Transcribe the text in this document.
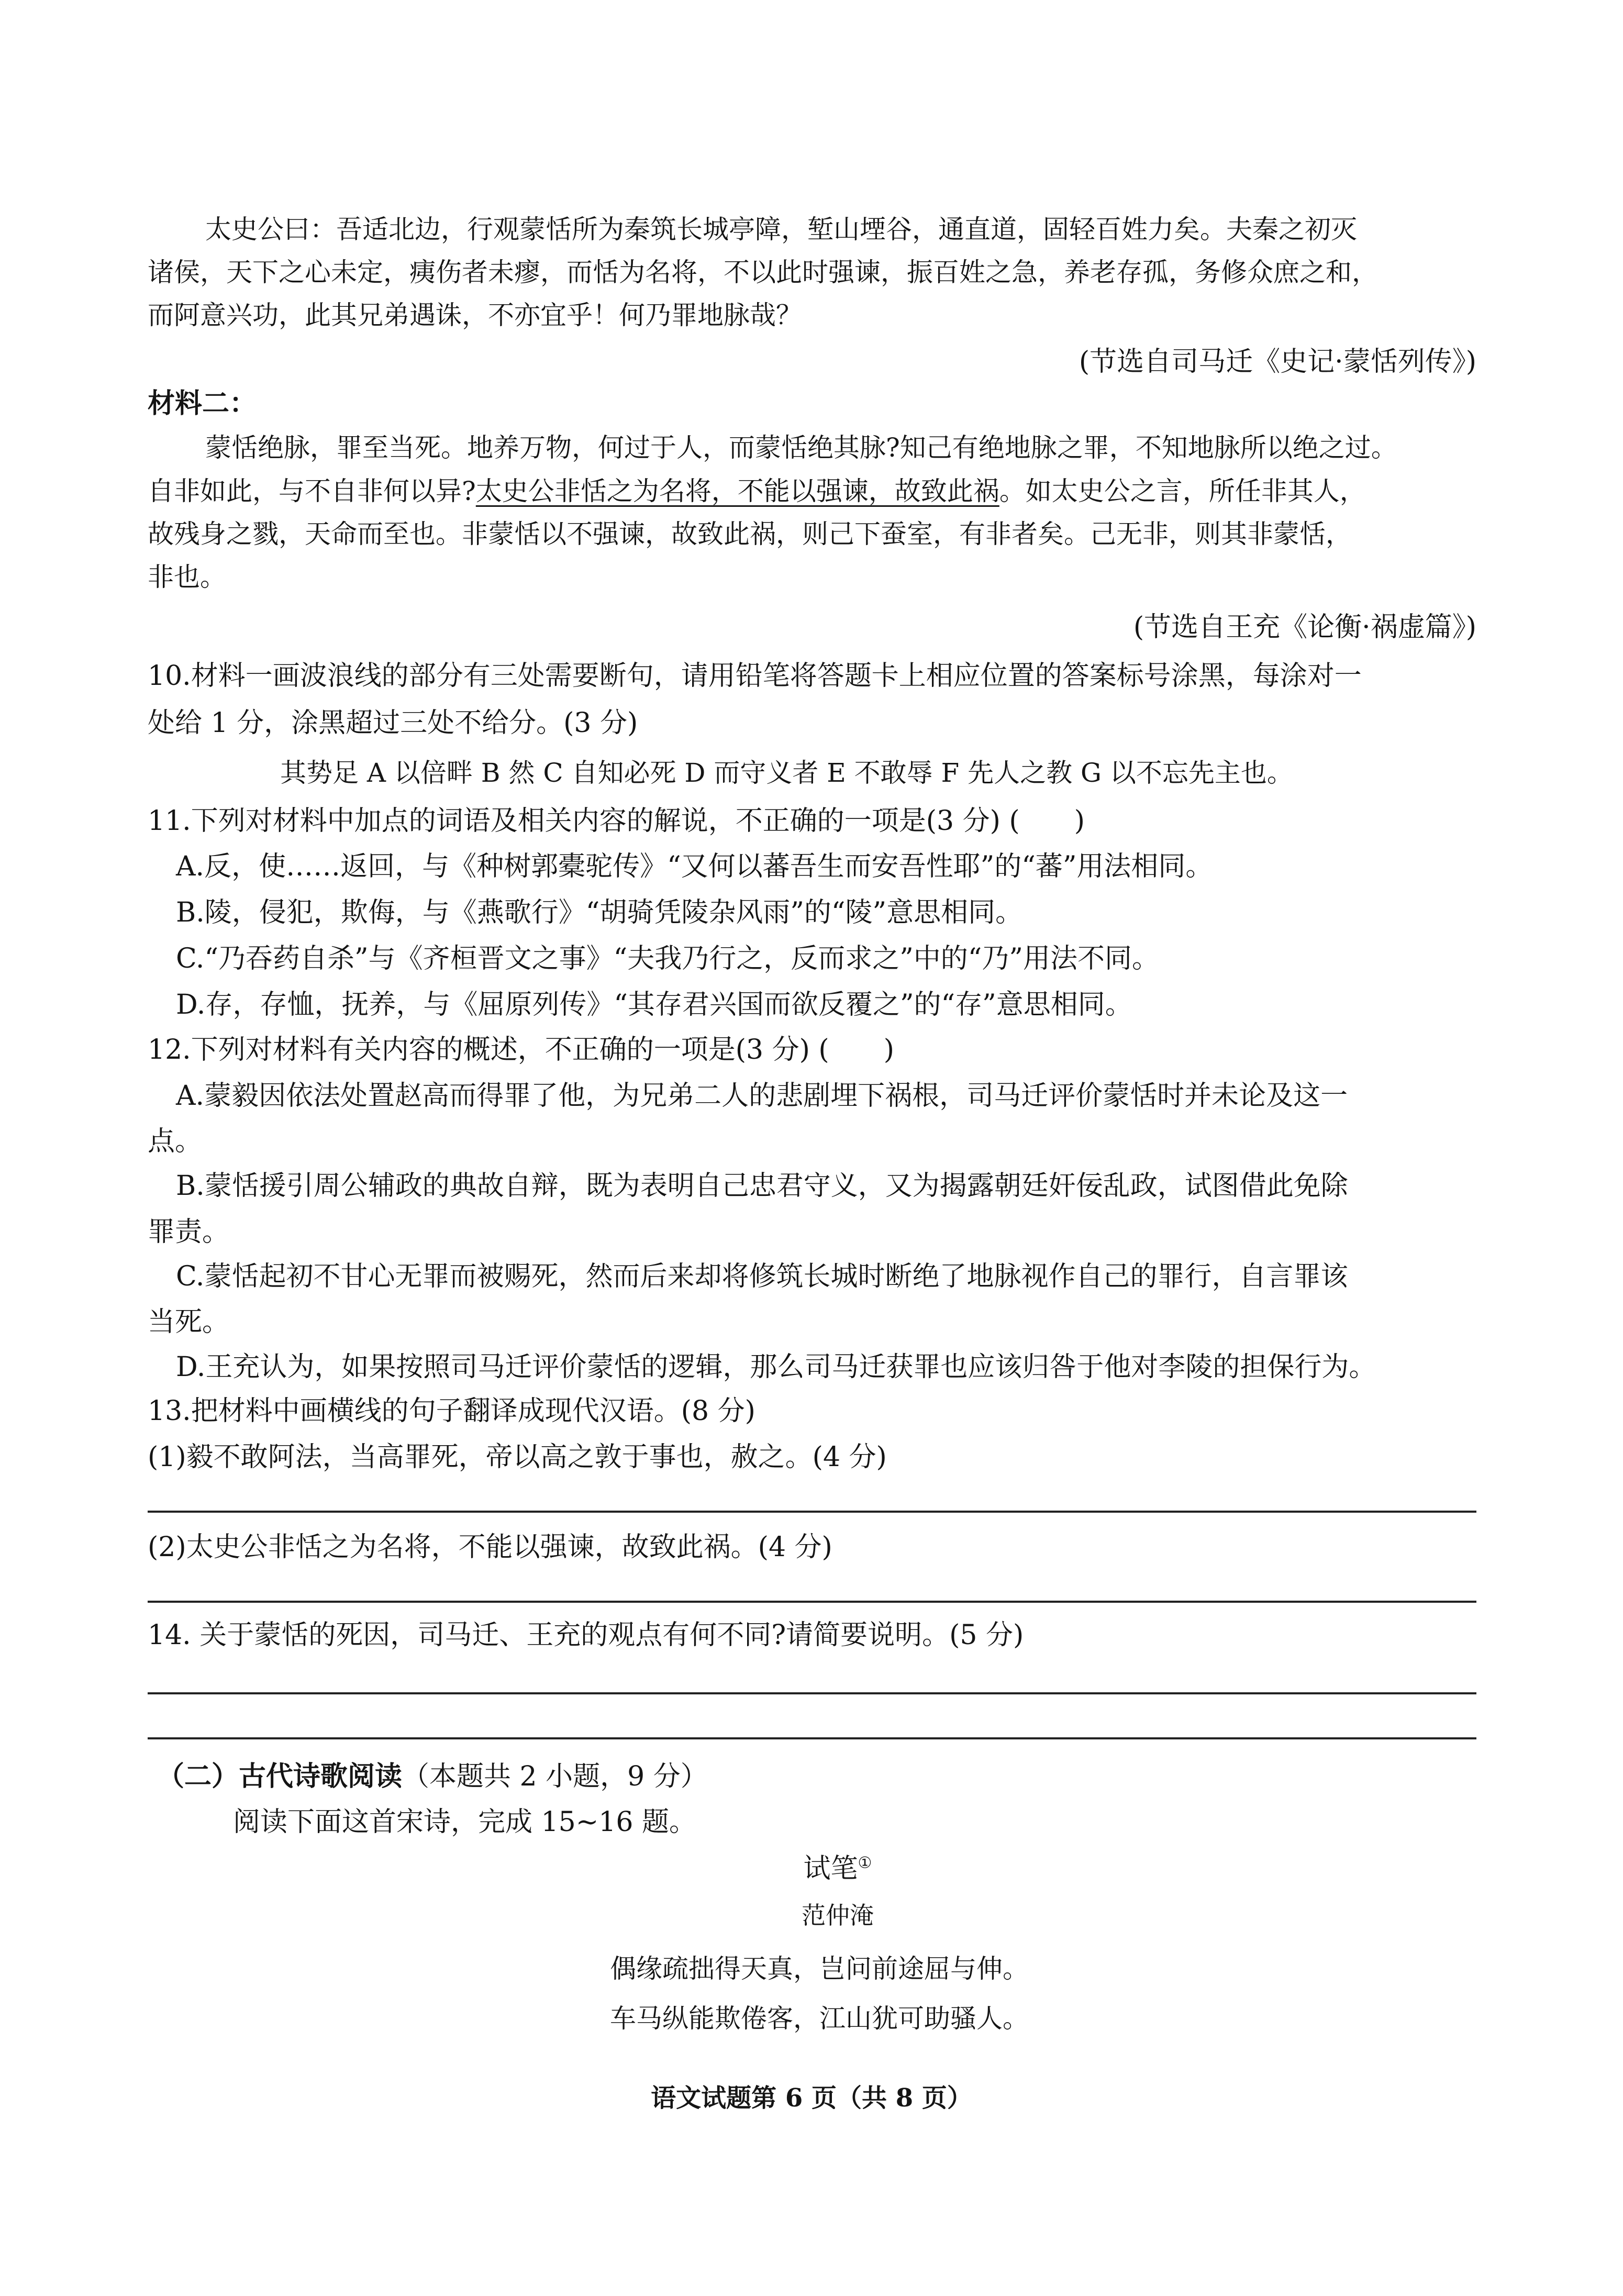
太史公曰：吾适北边，行观蒙恬所为秦筑长城亭障，堑山堙谷，通直道，固轻百姓力矣。夫秦之初灭
诸侯，天下之心未定，痍伤者未瘳，而恬为名将，不以此时强谏，振百姓之急，养老存孤，务修众庶之和，
而阿意兴功，此其兄弟遇诛，不亦宜乎！何乃罪地脉哉？
(节选自司马迁《史记·蒙恬列传》)
材料二：
蒙恬绝脉，罪至当死。地养万物，何过于人，而蒙恬绝其脉?知己有绝地脉之罪，不知地脉所以绝之过。
自非如此，与不自非何以异?太史公非恬之为名将，不能以强谏，故致此祸。如太史公之言，所任非其人，
故残身之戮，天命而至也。非蒙恬以不强谏，故致此祸，则己下蚕室，有非者矣。己无非，则其非蒙恬，
非也。
(节选自王充《论衡·祸虚篇》)
10.材料一画波浪线的部分有三处需要断句，请用铅笔将答题卡上相应位置的答案标号涂黑，每涂对一
处给 1 分，涂黑超过三处不给分。(3 分)
其势足 A 以倍畔 B 然 C 自知必死 D 而守义者 E 不敢辱 F 先人之教 G 以不忘先主也。
11.下列对材料中加点的词语及相关内容的解说，不正确的一项是(3 分) (　　)
A.反，使……返回，与《种树郭橐驼传》“又何以蕃吾生而安吾性耶”的“蕃”用法相同。
B.陵，侵犯，欺侮，与《燕歌行》“胡骑凭陵杂风雨”的“陵”意思相同。
C.“乃吞药自杀”与《齐桓晋文之事》“夫我乃行之，反而求之”中的“乃”用法不同。
D.存，存恤，抚养，与《屈原列传》“其存君兴国而欲反覆之”的“存”意思相同。
12.下列对材料有关内容的概述，不正确的一项是(3 分) (　　)
A.蒙毅因依法处置赵高而得罪了他，为兄弟二人的悲剧埋下祸根，司马迁评价蒙恬时并未论及这一
点。
B.蒙恬援引周公辅政的典故自辩，既为表明自己忠君守义，又为揭露朝廷奸佞乱政，试图借此免除
罪责。
C.蒙恬起初不甘心无罪而被赐死，然而后来却将修筑长城时断绝了地脉视作自己的罪行，自言罪该
当死。
D.王充认为，如果按照司马迁评价蒙恬的逻辑，那么司马迁获罪也应该归咎于他对李陵的担保行为。
13.把材料中画横线的句子翻译成现代汉语。(8 分)
(1)毅不敢阿法，当高罪死，帝以高之敦于事也，赦之。(4 分)
(2)太史公非恬之为名将，不能以强谏，故致此祸。(4 分)
14. 关于蒙恬的死因，司马迁、王充的观点有何不同?请简要说明。(5 分)
（二）古代诗歌阅读（本题共 2 小题，9 分）
阅读下面这首宋诗，完成 15~16 题。
试笔①
范仲淹
偶缘疏拙得天真，岂问前途屈与伸。
车马纵能欺倦客，江山犹可助骚人。
语文试题第 6 页（共 8 页）
